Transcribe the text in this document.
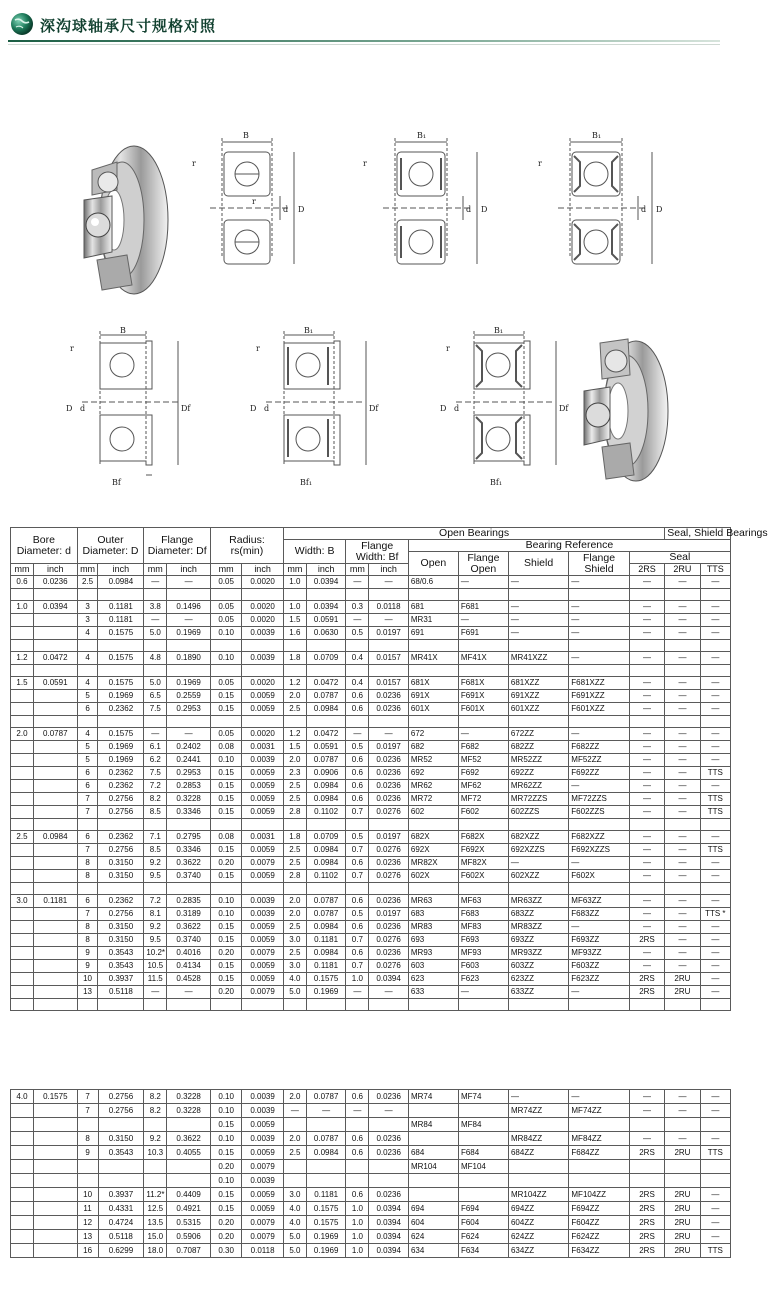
深沟球轴承尺寸规格对照
B
D
d
r
r
B₁
D
d
r
B₁
D
d
r
B
D d	Df
Bf
r
B₁
D d	Df
Bf₁
r
B₁
D d	Df
Bf₁
r
Bore Diameter: d		Outer Diameter: D		Flange Diameter: Df		Radius: rs(min)		Open Bearings									Seal, Shield Bearings	
								Width: B		Flange Width: Bf		Bearing Reference						
												Open	Flange Open	Shield	Flange Shield	Seal		
mm	inch	mm	inch	mm	inch	mm	inch	mm	inch	mm	inch					2RS	2RU	TTS
0.6	0.0236	2.5	0.0984	—	—	0.05	0.0020	1.0	0.0394	—	—	68/0.6	—	—	—	—	—	—

1.0	0.0394	3	0.1181	3.8	0.1496	0.05	0.0020	1.0	0.0394	0.3	0.0118	681	F681	—	—	—	—	—
		3	0.1181	—	—	0.05	0.0020	1.5	0.0591	—	—	MR31	—	—	—	—	—	—
		4	0.1575	5.0	0.1969	0.10	0.0039	1.6	0.0630	0.5	0.0197	691	F691	—	—	—	—	—

1.2	0.0472	4	0.1575	4.8	0.1890	0.10	0.0039	1.8	0.0709	0.4	0.0157	MR41X	MF41X	MR41XZZ	—	—	—	—

1.5	0.0591	4	0.1575	5.0	0.1969	0.05	0.0020	1.2	0.0472	0.4	0.0157	681X	F681X	681XZZ	F681XZZ	—	—	—
		5	0.1969	6.5	0.2559	0.15	0.0059	2.0	0.0787	0.6	0.0236	691X	F691X	691XZZ	F691XZZ	—	—	—
		6	0.2362	7.5	0.2953	0.15	0.0059	2.5	0.0984	0.6	0.0236	601X	F601X	601XZZ	F601XZZ	—	—	—

2.0	0.0787	4	0.1575	—	—	0.05	0.0020	1.2	0.0472	—	—	672	—	672ZZ	—	—	—	—
		5	0.1969	6.1	0.2402	0.08	0.0031	1.5	0.0591	0.5	0.0197	682	F682	682ZZ	F682ZZ	—	—	—
		5	0.1969	6.2	0.2441	0.10	0.0039	2.0	0.0787	0.6	0.0236	MR52	MF52	MR52ZZ	MF52ZZ	—	—	—
		6	0.2362	7.5	0.2953	0.15	0.0059	2.3	0.0906	0.6	0.0236	692	F692	692ZZ	F692ZZ	—	—	TTS
		6	0.2362	7.2	0.2853	0.15	0.0059	2.5	0.0984	0.6	0.0236	MR62	MF62	MR62ZZ	—	—	—	—
		7	0.2756	8.2	0.3228	0.15	0.0059	2.5	0.0984	0.6	0.0236	MR72	MF72	MR72ZZS	MF72ZZS	—	—	TTS
		7	0.2756	8.5	0.3346	0.15	0.0059	2.8	0.1102	0.7	0.0276	602	F602	602ZZS	F602ZZS	—	—	TTS

2.5	0.0984	6	0.2362	7.1	0.2795	0.08	0.0031	1.8	0.0709	0.5	0.0197	682X	F682X	682XZZ	F682XZZ	—	—	—
		7	0.2756	8.5	0.3346	0.15	0.0059	2.5	0.0984	0.7	0.0276	692X	F692X	692XZZS	F692XZZS	—	—	TTS
		8	0.3150	9.2	0.3622	0.20	0.0079	2.5	0.0984	0.6	0.0236	MR82X	MF82X	—	—	—	—	—
		8	0.3150	9.5	0.3740	0.15	0.0059	2.8	0.1102	0.7	0.0276	602X	F602X	602XZZ	F602X	—	—	—

3.0	0.1181	6	0.2362	7.2	0.2835	0.10	0.0039	2.0	0.0787	0.6	0.0236	MR63	MF63	MR63ZZ	MF63ZZ	—	—	—
		7	0.2756	8.1	0.3189	0.10	0.0039	2.0	0.0787	0.5	0.0197	683	F683	683ZZ	F683ZZ	—	—	TTS *
		8	0.3150	9.2	0.3622	0.15	0.0059	2.5	0.0984	0.6	0.0236	MR83	MF83	MR83ZZ	—	—	—	—
		8	0.3150	9.5	0.3740	0.15	0.0059	3.0	0.1181	0.7	0.0276	693	F693	693ZZ	F693ZZ	2RS	—	—
		9	0.3543	10.2*	0.4016	0.20	0.0079	2.5	0.0984	0.6	0.0236	MR93	MF93	MR93ZZ	MF93ZZ	—	—	—
		9	0.3543	10.5	0.4134	0.15	0.0059	3.0	0.1181	0.7	0.0276	603	F603	603ZZ	F603ZZ	—	—	—
		10	0.3937	11.5	0.4528	0.15	0.0059	4.0	0.1575	1.0	0.0394	623	F623	623ZZ	F623ZZ	2RS	2RU	—
		13	0.5118	—	—	0.20	0.0079	5.0	0.1969	—	—	633	—	633ZZ	—	2RS	2RU	—

4.0	0.1575	7	0.2756	8.2	0.3228	0.10	0.0039	2.0	0.0787	0.6	0.0236	MR74	MF74	—	—	—	—	—
		7	0.2756	8.2	0.3228	0.10	0.0039	—	—	—	—			MR74ZZ	MF74ZZ	—	—	—
						0.15	0.0059					MR84	MF84					
		8	0.3150	9.2	0.3622	0.10	0.0039	2.0	0.0787	0.6	0.0236			MR84ZZ	MF84ZZ	—	—	—
		9	0.3543	10.3	0.4055	0.15	0.0059	2.5	0.0984	0.6	0.0236	684	F684	684ZZ	F684ZZ	2RS	2RU	TTS
						0.20	0.0079					MR104	MF104					
						0.10	0.0039											
		10	0.3937	11.2*	0.4409	0.15	0.0059	3.0	0.1181	0.6	0.0236			MR104ZZ	MF104ZZ	2RS	2RU	—
		11	0.4331	12.5	0.4921	0.15	0.0059	4.0	0.1575	1.0	0.0394	694	F694	694ZZ	F694ZZ	2RS	2RU	—
		12	0.4724	13.5	0.5315	0.20	0.0079	4.0	0.1575	1.0	0.0394	604	F604	604ZZ	F604ZZ	2RS	2RU	—
		13	0.5118	15.0	0.5906	0.20	0.0079	5.0	0.1969	1.0	0.0394	624	F624	624ZZ	F624ZZ	2RS	2RU	—
		16	0.6299	18.0	0.7087	0.30	0.0118	5.0	0.1969	1.0	0.0394	634	F634	634ZZ	F634ZZ	2RS	2RU	TTS
